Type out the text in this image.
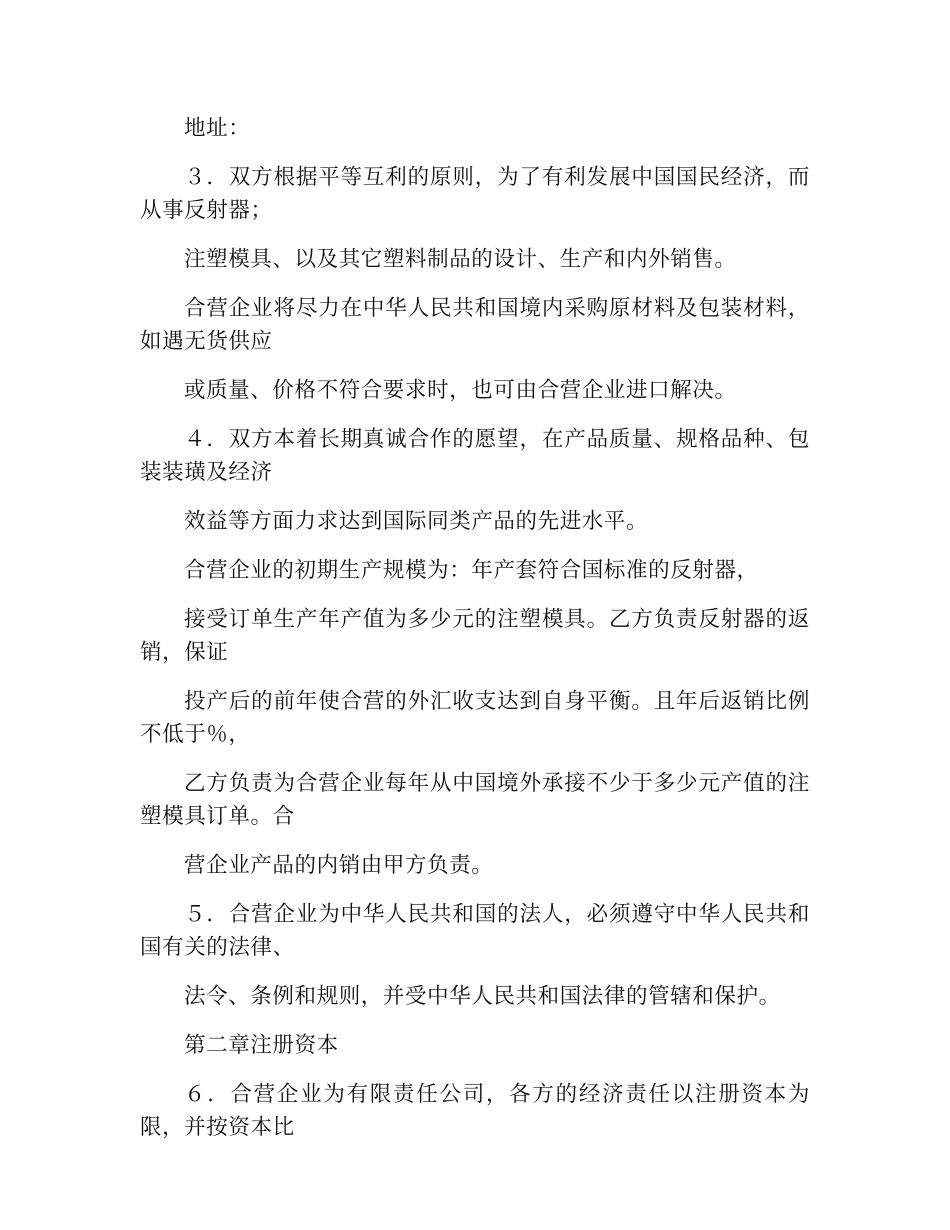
地址：

３．双方根据平等互利的原则，为了有利发展中国国民经济，而从事反射器；

注塑模具、以及其它塑料制品的设计、生产和内外销售。

合营企业将尽力在中华人民共和国境内采购原材料及包装材料，如遇无货供应

或质量、价格不符合要求时，也可由合营企业进口解决。

４．双方本着长期真诚合作的愿望，在产品质量、规格品种、包装装璜及经济

效益等方面力求达到国际同类产品的先进水平。

合营企业的初期生产规模为：年产套符合国标准的反射器，

接受订单生产年产值为多少元的注塑模具。乙方负责反射器的返销，保证

投产后的前年使合营的外汇收支达到自身平衡。且年后返销比例不低于％，

乙方负责为合营企业每年从中国境外承接不少于多少元产值的注塑模具订单。合

营企业产品的内销由甲方负责。

５．合营企业为中华人民共和国的法人，必须遵守中华人民共和国有关的法律、

法令、条例和规则，并受中华人民共和国法律的管辖和保护。

第二章注册资本

６．合营企业为有限责任公司，各方的经济责任以注册资本为限，并按资本比
